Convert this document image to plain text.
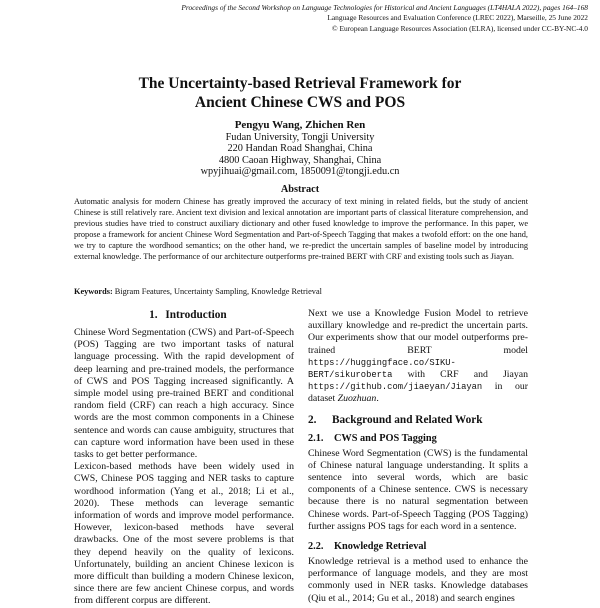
Proceedings of the Second Workshop on Language Technologies for Historical and Ancient Languages (LT4HALA 2022), pages 164–168
Language Resources and Evaluation Conference (LREC 2022), Marseille, 25 June 2022
© European Language Resources Association (ELRA), licensed under CC-BY-NC-4.0
The Uncertainty-based Retrieval Framework for
Ancient Chinese CWS and POS
Pengyu Wang, Zhichen Ren
Fudan University, Tongji University
220 Handan Road Shanghai, China
4800 Caoan Highway, Shanghai, China
wpyjihuai@gmail.com, 1850091@tongji.edu.cn
Abstract
Automatic analysis for modern Chinese has greatly improved the accuracy of text mining in related fields, but the study of ancient Chinese is still relatively rare. Ancient text division and lexical annotation are important parts of classical literature comprehension, and previous studies have tried to construct auxiliary dictionary and other fused knowledge to improve the performance. In this paper, we propose a framework for ancient Chinese Word Segmentation and Part-of-Speech Tagging that makes a twofold effort: on the one hand, we try to capture the wordhood semantics; on the other hand, we re-predict the uncertain samples of baseline model by introducing external knowledge. The performance of our architecture outperforms pre-trained BERT with CRF and existing tools such as Jiayan.
Keywords: Bigram Features, Uncertainty Sampling, Knowledge Retrieval
1. Introduction

Chinese Word Segmentation (CWS) and Part-of-Speech (POS) Tagging are two important tasks of natural language processing. With the rapid development of deep learning and pre-trained models, the performance of CWS and POS Tagging increased significantly. A simple model using pre-trained BERT and conditional random field (CRF) can reach a high accuracy. Since words are the most common components in a Chinese sentence and words can cause ambiguity, structures that can capture word information have been used in these tasks to get better performance.

Lexicon-based methods have been widely used in CWS, Chinese POS tagging and NER tasks to capture wordhood information (Yang et al., 2018; Li et al., 2020). These methods can leverage semantic information of words and improve model performance. However, lexicon-based methods have several drawbacks. One of the most severe problems is that they depend heavily on the quality of lexicons. Unfortunately, building an ancient Chinese lexicon is more difficult than building a modern Chinese lexicon, since there are few ancient Chinese corpus, and words from different corpus are different.

Next we use a Knowledge Fusion Model to retrieve auxillary knowledge and re-predict the uncertain parts. Our experiments show that our model outperforms pre-trained BERT model https://huggingface.co/SIKU-BERT/sikuroberta with CRF and Jiayan https://github.com/jiaeyan/Jiayan in our dataset Zuozhuan.

2. Background and Related Work
2.1. CWS and POS Tagging

Chinese Word Segmentation (CWS) is the fundamental of Chinese natural language understanding. It splits a sentence into several words, which are basic components of a Chinese sentence. CWS is necessary because there is no natural segmentation between Chinese words. Part-of-Speech Tagging (POS Tagging) further assigns POS tags for each word in a sentence.

2.2. Knowledge Retrieval

Knowledge retrieval is a method used to enhance the performance of language models, and they are most commonly used in NER tasks. Knowledge databases (Qiu et al., 2014; Gu et al., 2018) and search engines
